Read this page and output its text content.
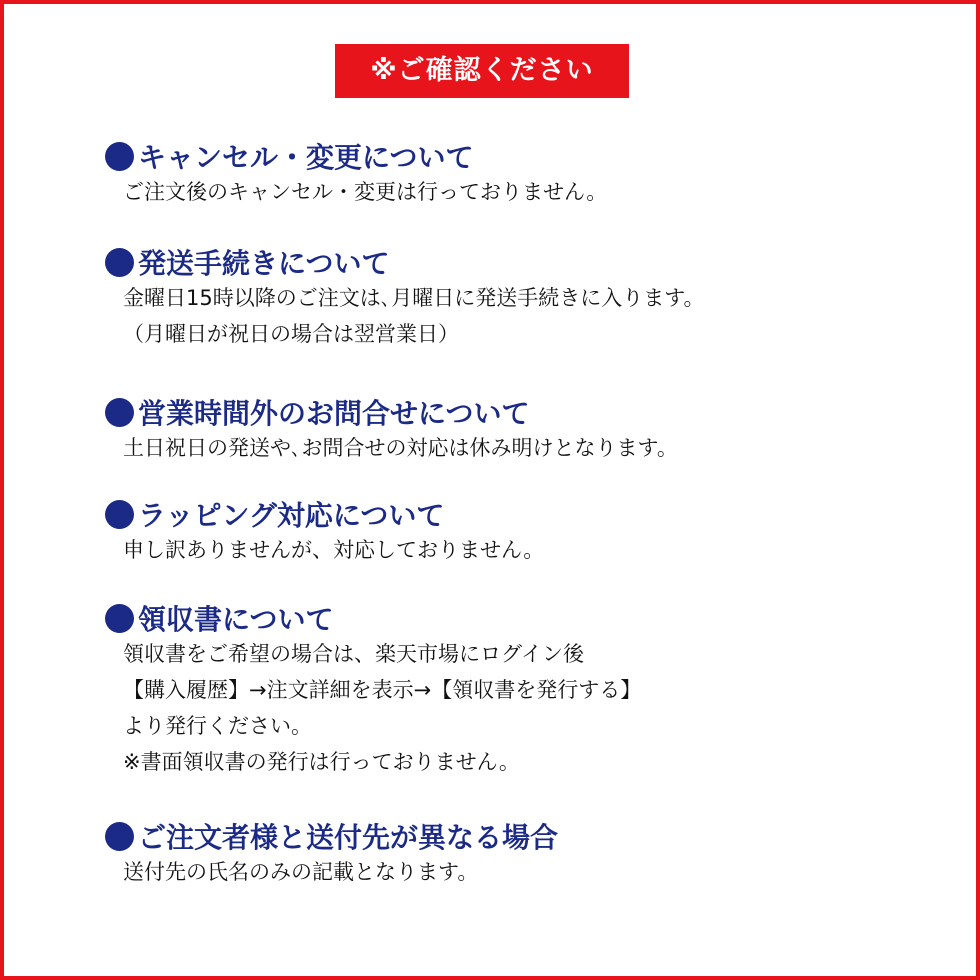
※ご確認ください
キャンセル・変更について
ご注文後のキャンセル・変更は行っておりません。
発送手続きについて
金曜日15時以降のご注文は､月曜日に発送手続きに入ります。
（月曜日が祝日の場合は翌営業日）
営業時間外のお問合せについて
土日祝日の発送や､お問合せの対応は休み明けとなります。
ラッピング対応について
申し訳ありませんが、対応しておりません。
領収書について
領収書をご希望の場合は、楽天市場にログイン後
【購入履歴】→注文詳細を表示→【領収書を発行する】
より発行ください。
※書面領収書の発行は行っておりません。
ご注文者様と送付先が異なる場合
送付先の氏名のみの記載となります。
